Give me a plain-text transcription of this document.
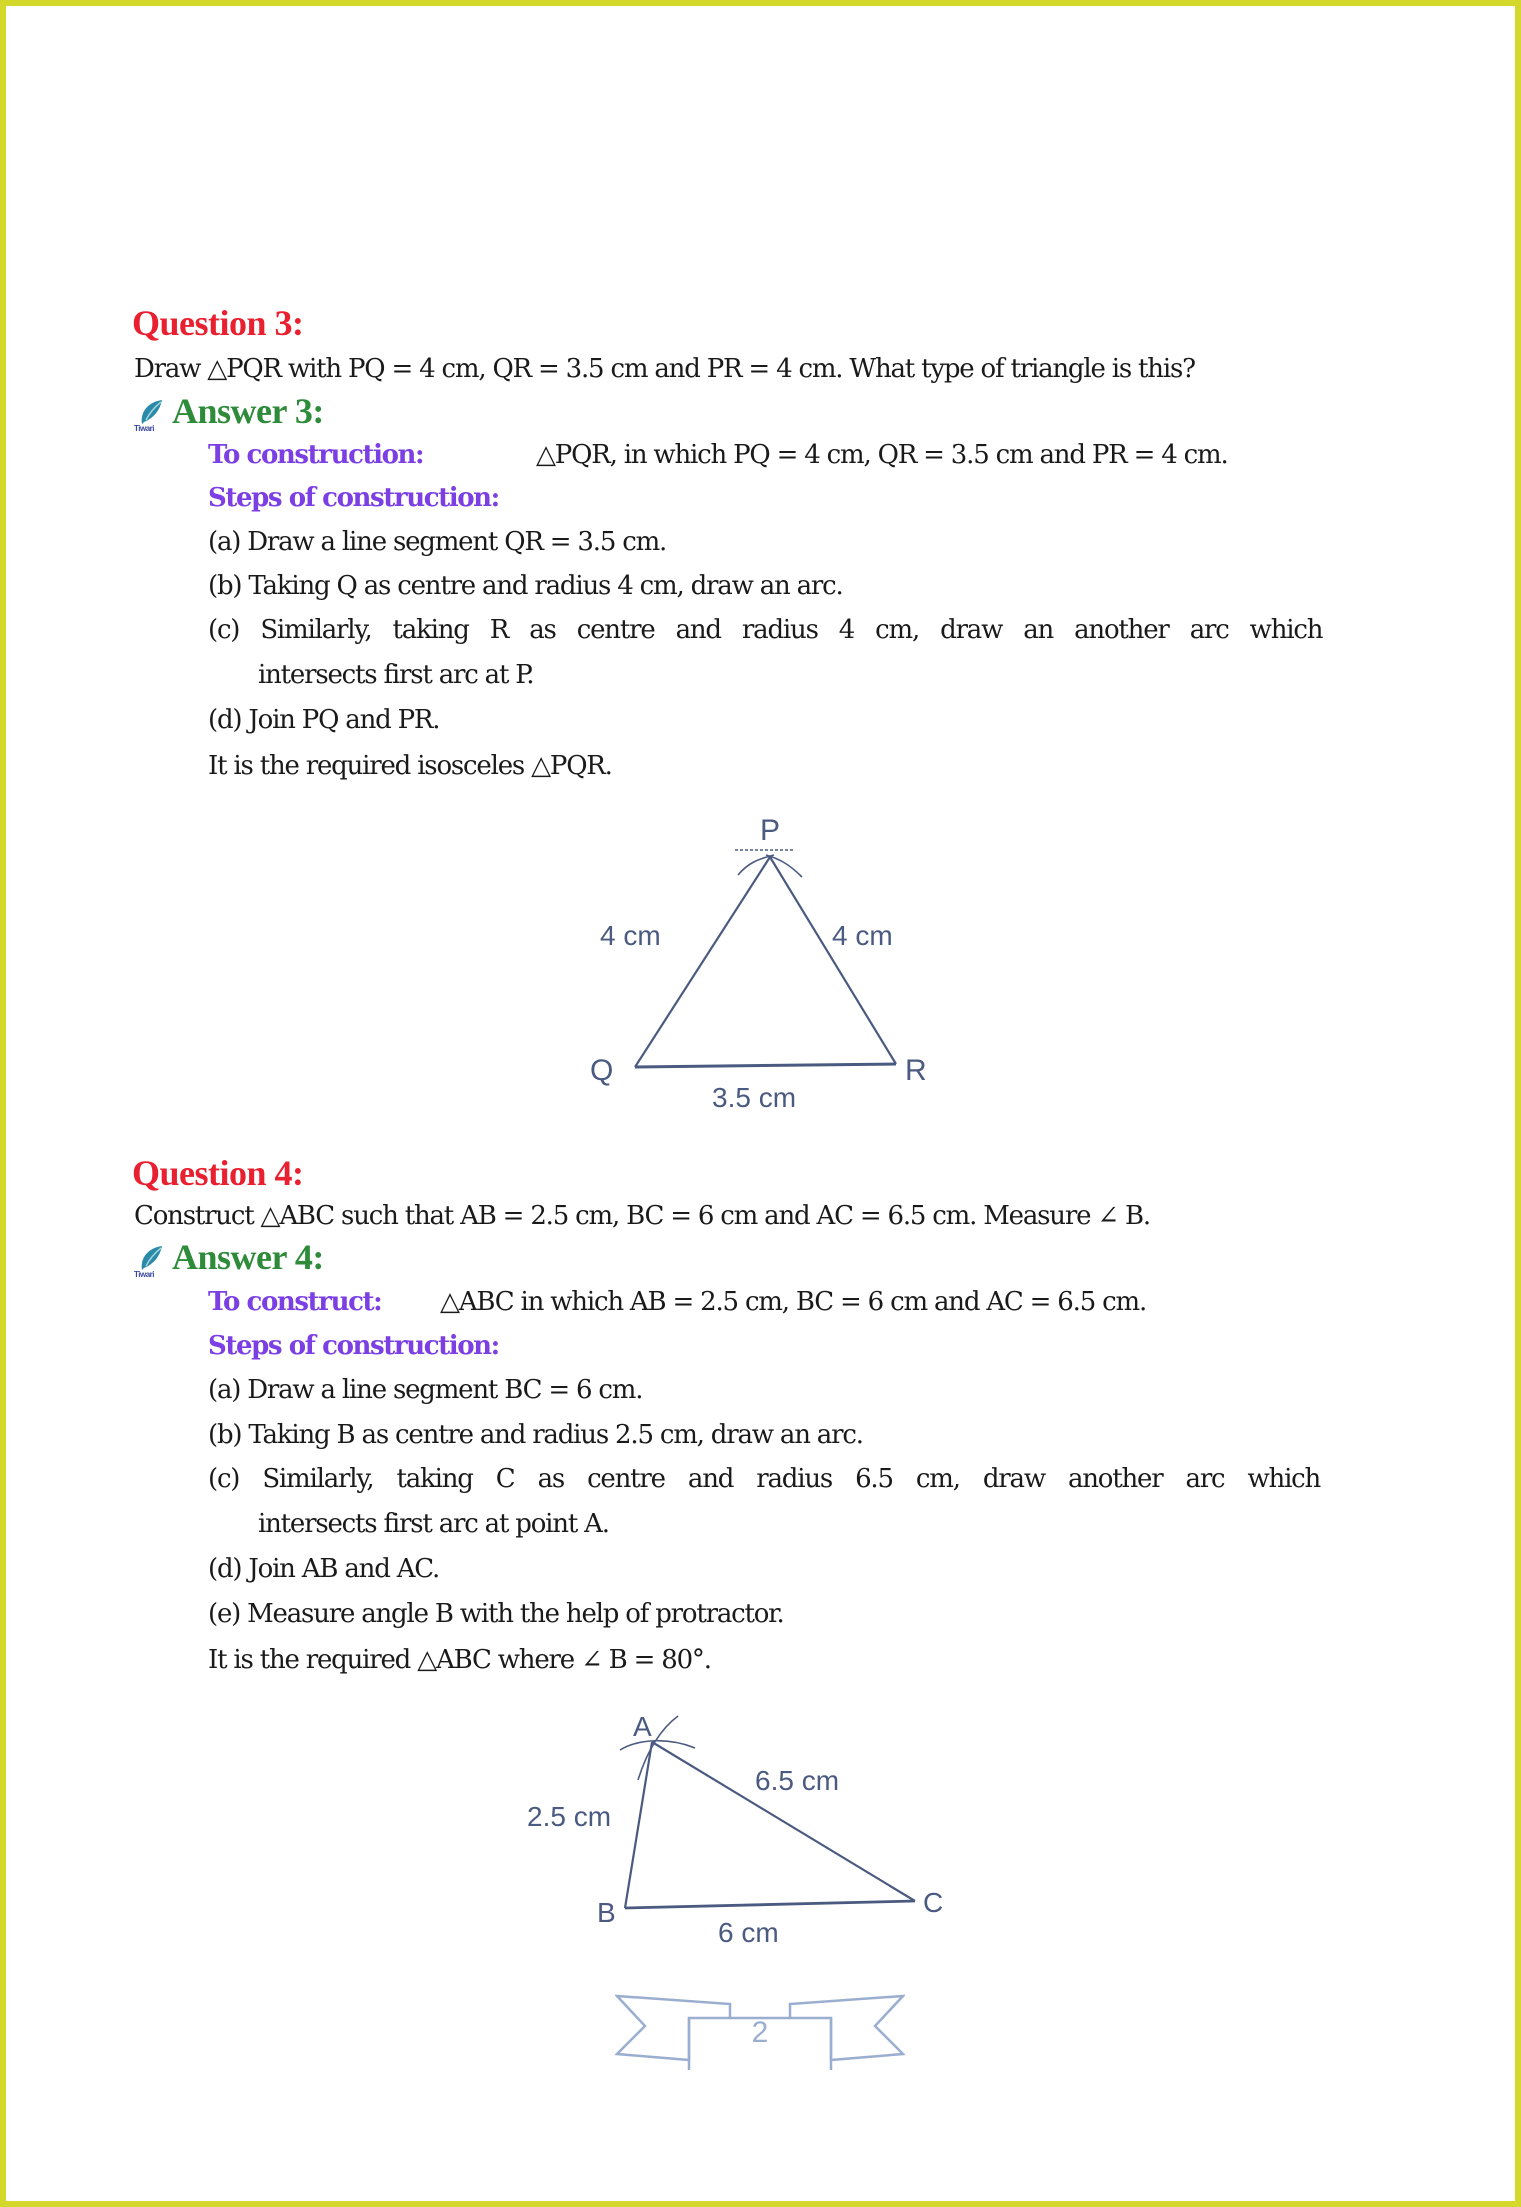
Question 3:
Draw △PQR with PQ = 4 cm, QR = 3.5 cm and PR = 4 cm. What type of triangle is this?
Tiwari Answer 3:
To construction:	△PQR, in which PQ = 4 cm, QR = 3.5 cm and PR = 4 cm.
Steps of construction:
(a) Draw a line segment QR = 3.5 cm.
(b) Taking Q as centre and radius 4 cm, draw an arc.
(c) Similarly, taking R as centre and radius 4 cm, draw an another arc which
intersects first arc at P.
(d) Join PQ and PR.
It is the required isosceles △PQR.
P
Q	R
4 cm	4 cm
3.5 cm
Question 4:
Construct △ABC such that AB = 2.5 cm, BC = 6 cm and AC = 6.5 cm. Measure ∠ B.
Tiwari Answer 4:
To construct: △ABC in which AB = 2.5 cm, BC = 6 cm and AC = 6.5 cm.
Steps of construction:
(a) Draw a line segment BC = 6 cm.
(b) Taking B as centre and radius 2.5 cm, draw an arc.
(c) Similarly, taking C as centre and radius 6.5 cm, draw another arc which
intersects first arc at point A.
(d) Join AB and AC.
(e) Measure angle B with the help of protractor.
It is the required △ABC where ∠ B = 80°.
A
B	C
2.5 cm
6.5 cm
6 cm
2
